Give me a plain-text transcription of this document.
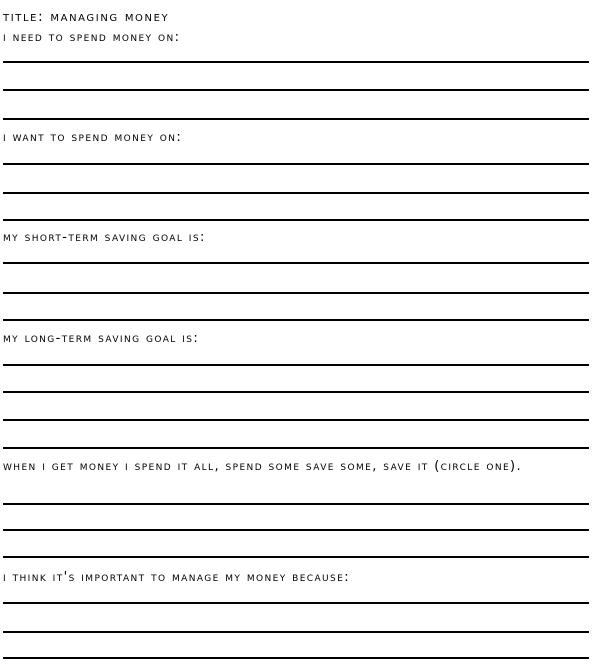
title: managing money
i need to spend money on:
i want to spend money on:
my short-term saving goal is:
my long-term saving goal is:
when i get money i spend it all, spend some save some, save it (circle one).
i think it's important to manage my money because:
